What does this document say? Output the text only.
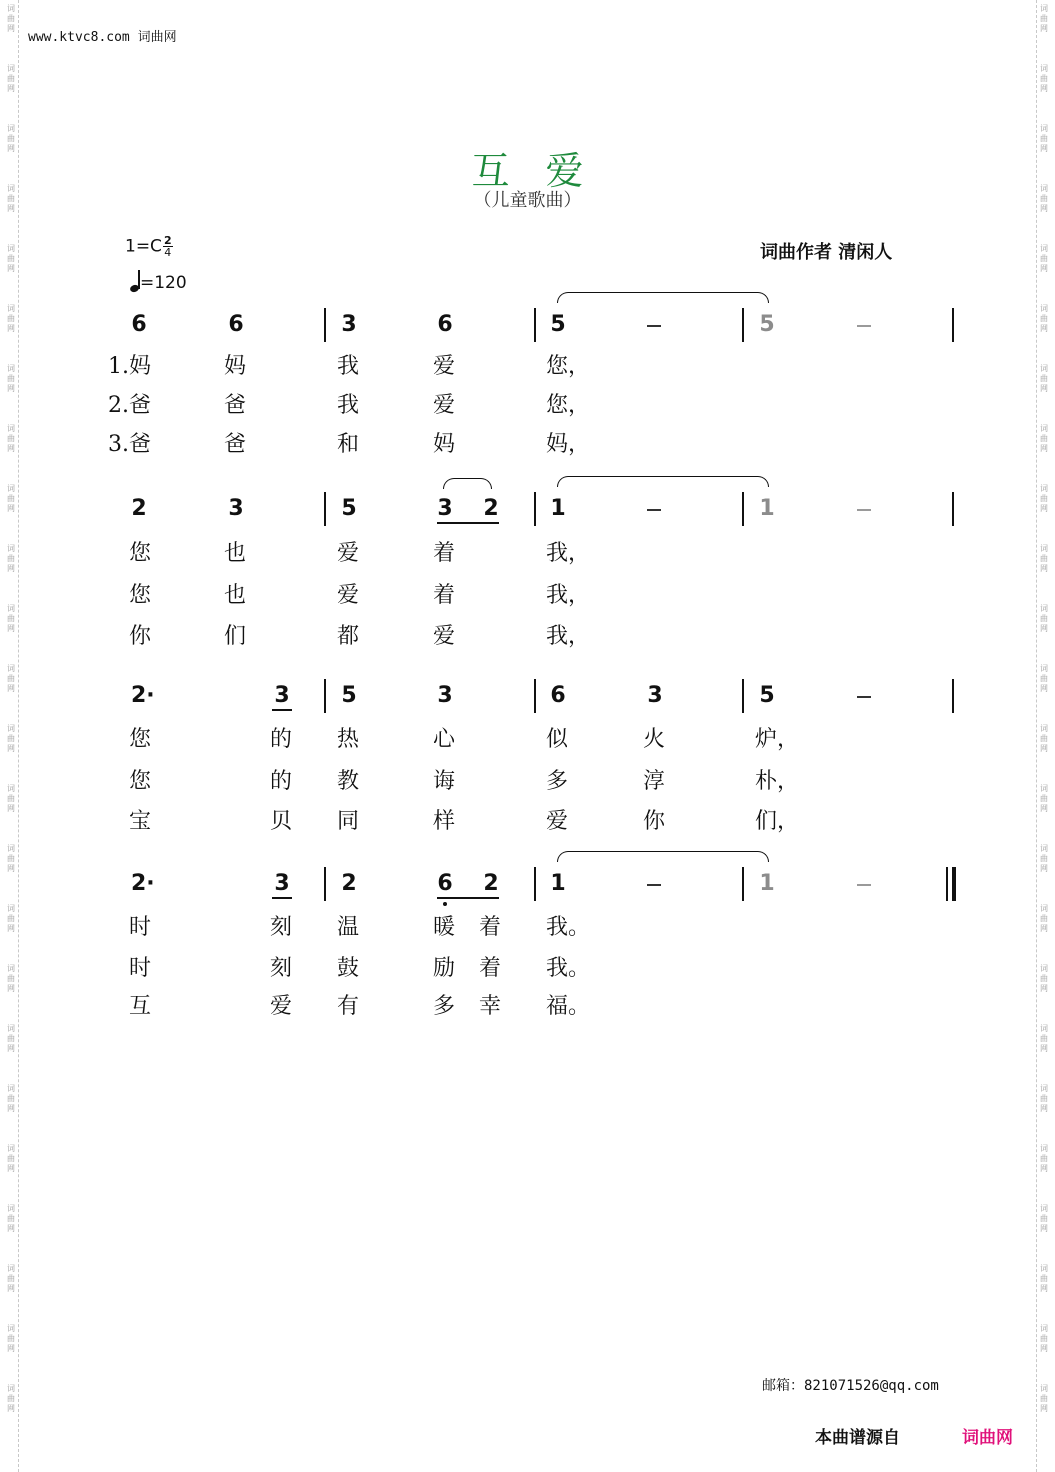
词
曲
网
词
曲
网
词
曲
网
词
曲
网
词
曲
网
词
曲
网
词
曲
网
词
曲
网
词
曲
网
词
曲
网
词
曲
网
词
曲
网
词
曲
网
词
曲
网
词
曲
网
词
曲
网
词
曲
网
词
曲
网
词
曲
网
词
曲
网
词
曲
网
词
曲
网
词
曲
网
词
曲
网
词
曲
网
词
曲
网
词
曲
网
词
曲
网
词
曲
网
词
曲
网
词
曲
网
词
曲
网
词
曲
网
词
曲
网
词
曲
网
词
曲
网
词
曲
网
词
曲
网
词
曲
网
词
曲
网
词
曲
网
词
曲
网
词
曲
网
词
曲
网
词
曲
网
词
曲
网
词
曲
网
词
曲
网
www.ktvc8.com 词曲网
互爱
（儿童歌曲）
$1=C \frac{2}{4}$
=120
词曲作者 清闲人
6	6	3	6	5	5
1.妈	妈	我	爱	您，
2.爸	爸	我	爱	您，
3.爸	爸	和	妈	妈，
2	3	5	3 2 1	1
您	也	爱	着	我，
您	也	爱	着	我，
你	们	都	爱	我，
2·	3 5	3	6	3	5
您	的 热	心	似	火	炉，
您	的 教	诲	多	淳	朴，
宝	贝 同	样	爱	你	们，
2·	3 2	6 2 1	1
时	刻 温	暖 着 我。
时	刻 鼓	励 着 我。
互	爱 有	多 幸 福。
邮箱：821071526@qq.com
本曲谱源自	词曲网
